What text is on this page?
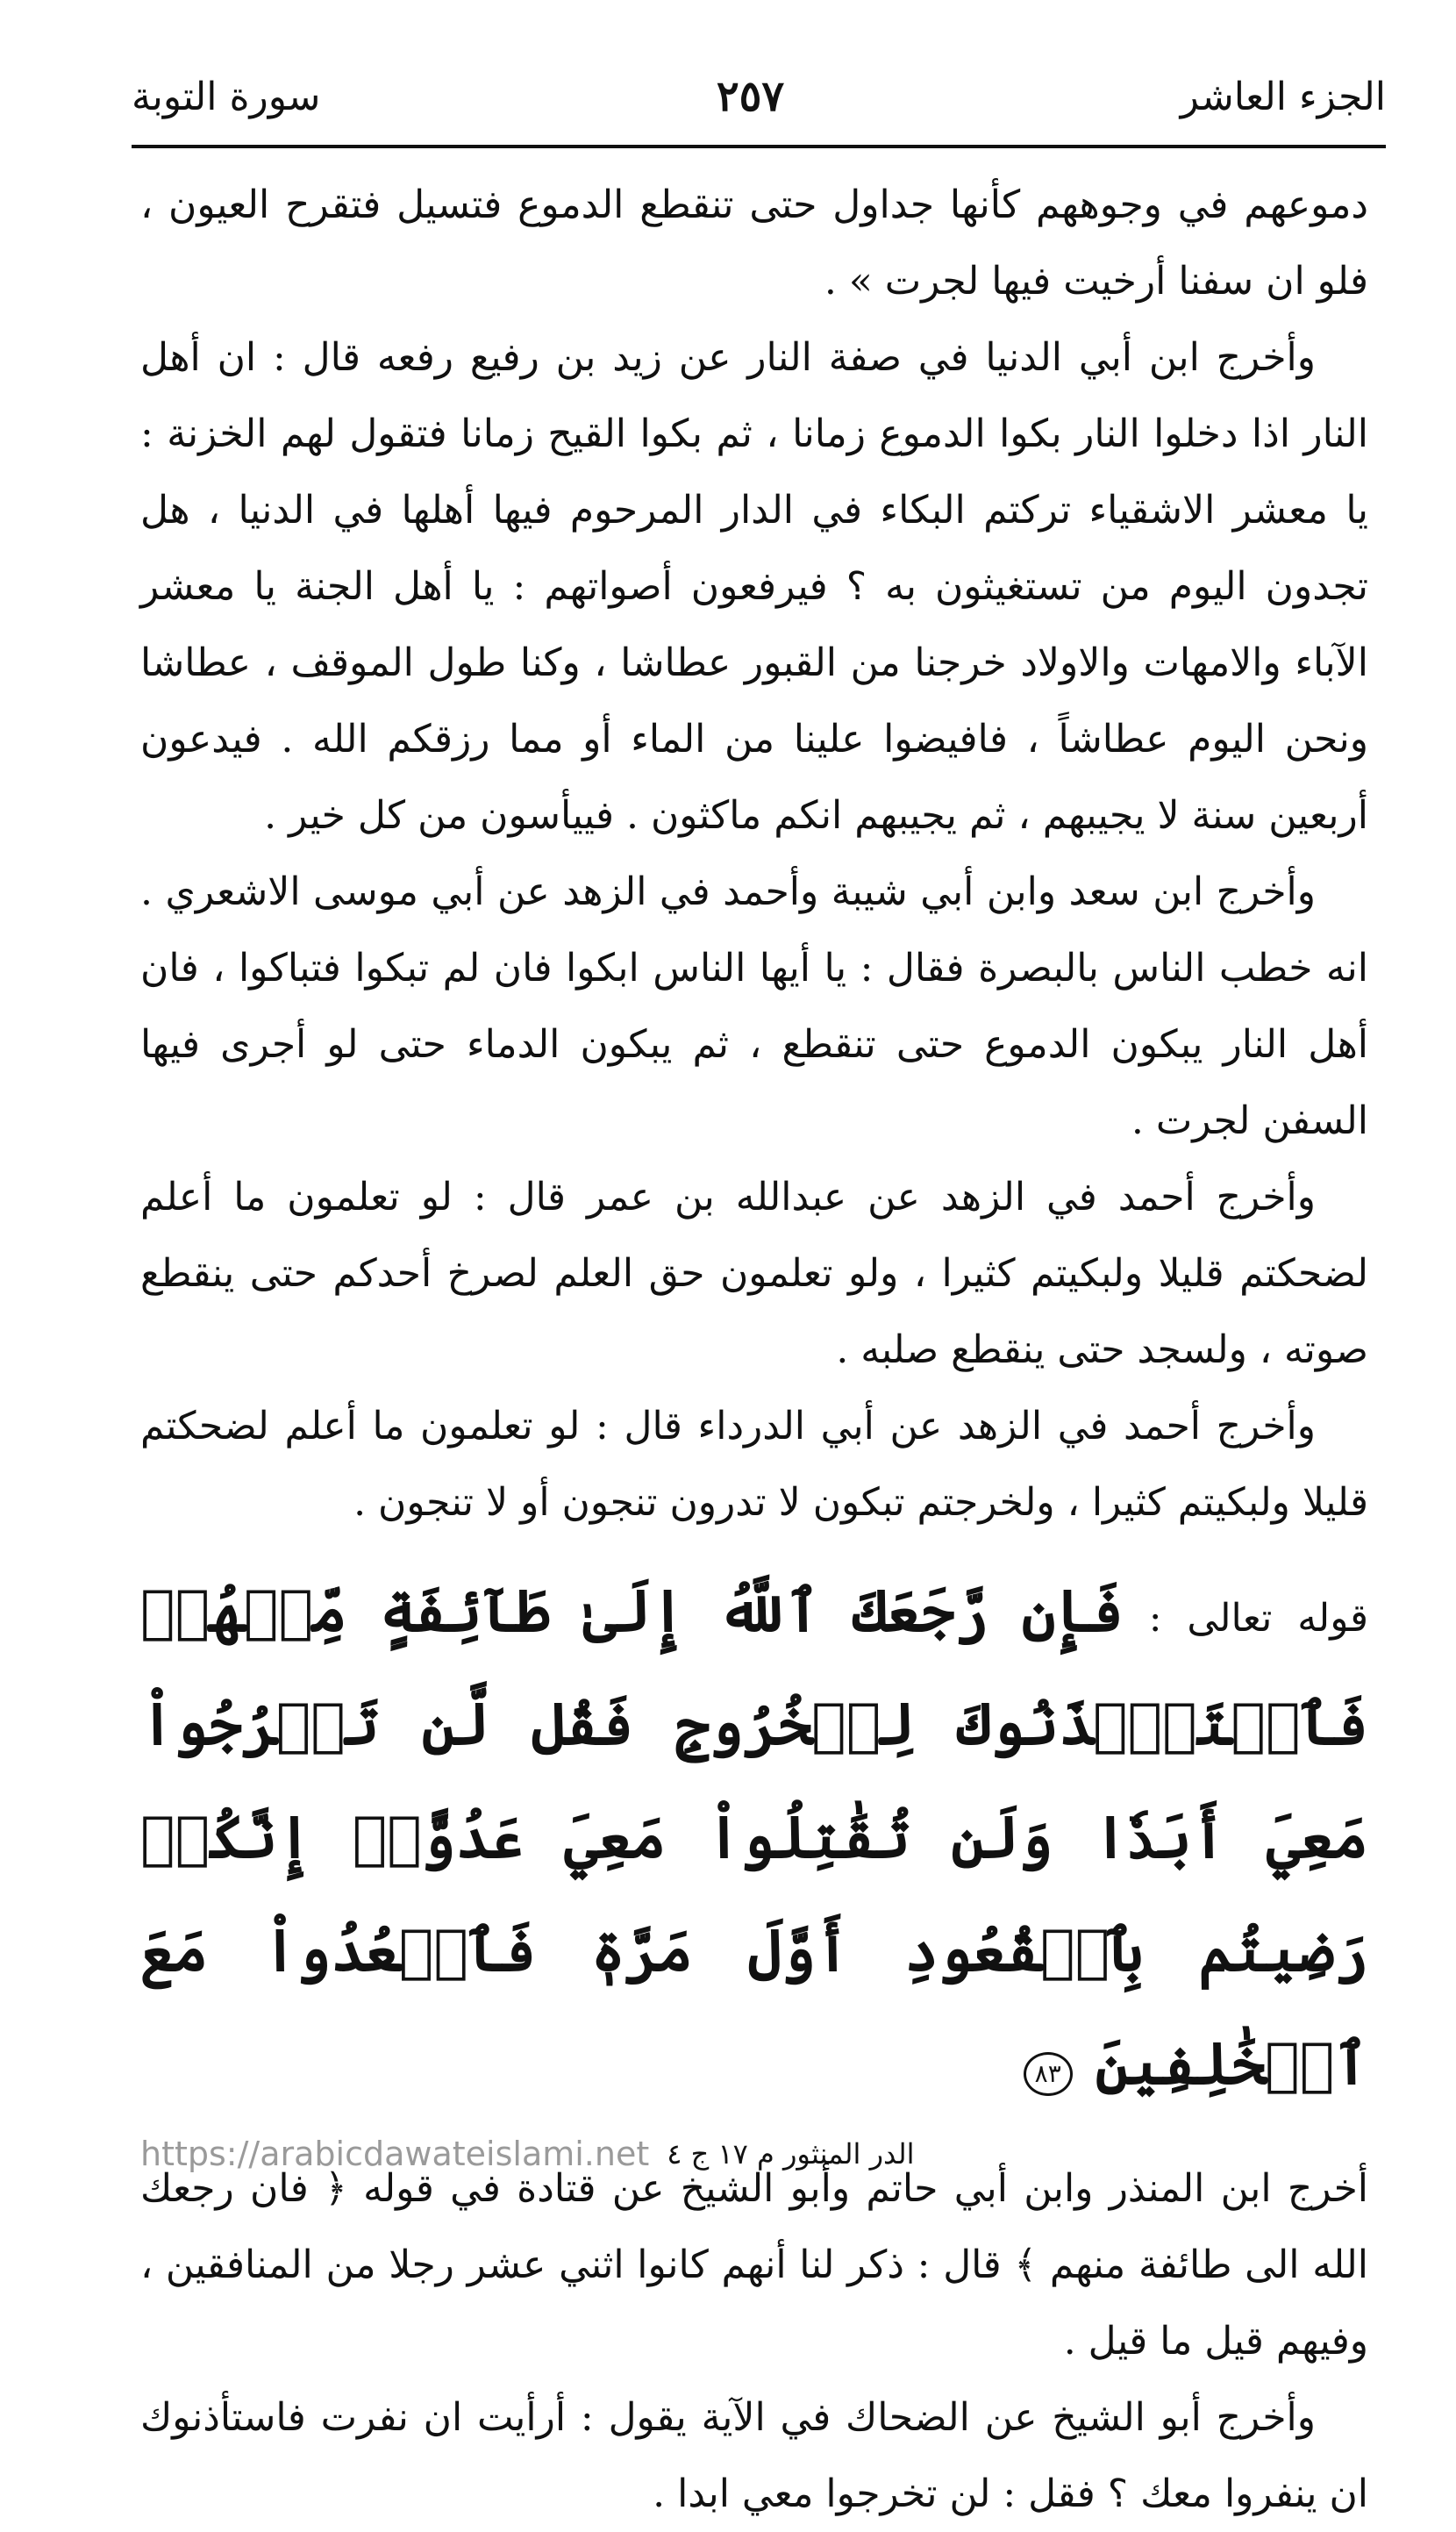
الجزء العاشر
٢٥٧
سورة التوبة

دموعهم في وجوههم كأنها جداول حتى تنقطع الدموع فتسيل فتقرح العيون ، فلو ان سفنا أرخيت فيها لجرت » .

وأخرج ابن أبي الدنيا في صفة النار عن زيد بن رفيع رفعه قال : ان أهل النار اذا دخلوا النار بكوا الدموع زمانا ، ثم بكوا القيح زمانا فتقول لهم الخزنة : يا معشر الاشقياء تركتم البكاء في الدار المرحوم فيها أهلها في الدنيا ، هل تجدون اليوم من تستغيثون به ؟ فيرفعون أصواتهم : يا أهل الجنة يا معشر الآباء والامهات والاولاد خرجنا من القبور عطاشا ، وكنا طول الموقف ، عطاشا ونحن اليوم عطاشاً ، فافيضوا علينا من الماء أو مما رزقكم الله . فيدعون أربعين سنة لا يجيبهم ، ثم يجيبهم انكم ماكثون . فييأسون من كل خير .

وأخرج ابن سعد وابن أبي شيبة وأحمد في الزهد عن أبي موسى الاشعري . انه خطب الناس بالبصرة فقال : يا أيها الناس ابكوا فان لم تبكوا فتباكوا ، فان أهل النار يبكون الدموع حتى تنقطع ، ثم يبكون الدماء حتى لو أجرى فيها السفن لجرت .

وأخرج أحمد في الزهد عن عبدالله بن عمر قال : لو تعلمون ما أعلم لضحكتم قليلا ولبكيتم كثيرا ، ولو تعلمون حق العلم لصرخ أحدكم حتى ينقطع صوته ، ولسجد حتى ينقطع صلبه .

وأخرج أحمد في الزهد عن أبي الدرداء قال : لو تعلمون ما أعلم لضحكتم قليلا ولبكيتم كثيرا ، ولخرجتم تبكون لا تدرون تنجون أو لا تنجون .

قوله تعالى : فَإِن رَّجَعَكَ ٱللَّهُ إِلَىٰ طَآئِفَةٍ مِّنۡهُمۡ فَٱسۡتَـٔۡذَنُوكَ لِلۡخُرُوجِ فَقُل لَّن تَخۡرُجُواْ مَعِيَ أَبَدٗا وَلَن تُقَٰتِلُواْ مَعِيَ عَدُوًّاۖ إِنَّكُمۡ رَضِيتُم بِٱلۡقُعُودِ أَوَّلَ مَرَّةٖ فَٱقۡعُدُواْ مَعَ ٱلۡخَٰلِفِينَ ٨٣

أخرج ابن المنذر وابن أبي حاتم وأبو الشيخ عن قتادة في قوله ﴿ فان رجعك الله الى طائفة منهم ﴾ قال : ذكر لنا أنهم كانوا اثني عشر رجلا من المنافقين ، وفيهم قيل ما قيل .

وأخرج أبو الشيخ عن الضحاك في الآية يقول : أرأيت ان نفرت فاستأذنوك ان ينفروا معك ؟ فقل : لن تخرجوا معي ابدا .

https://arabicdawateislami.net الدر المنثور م ١٧ ج ٤
